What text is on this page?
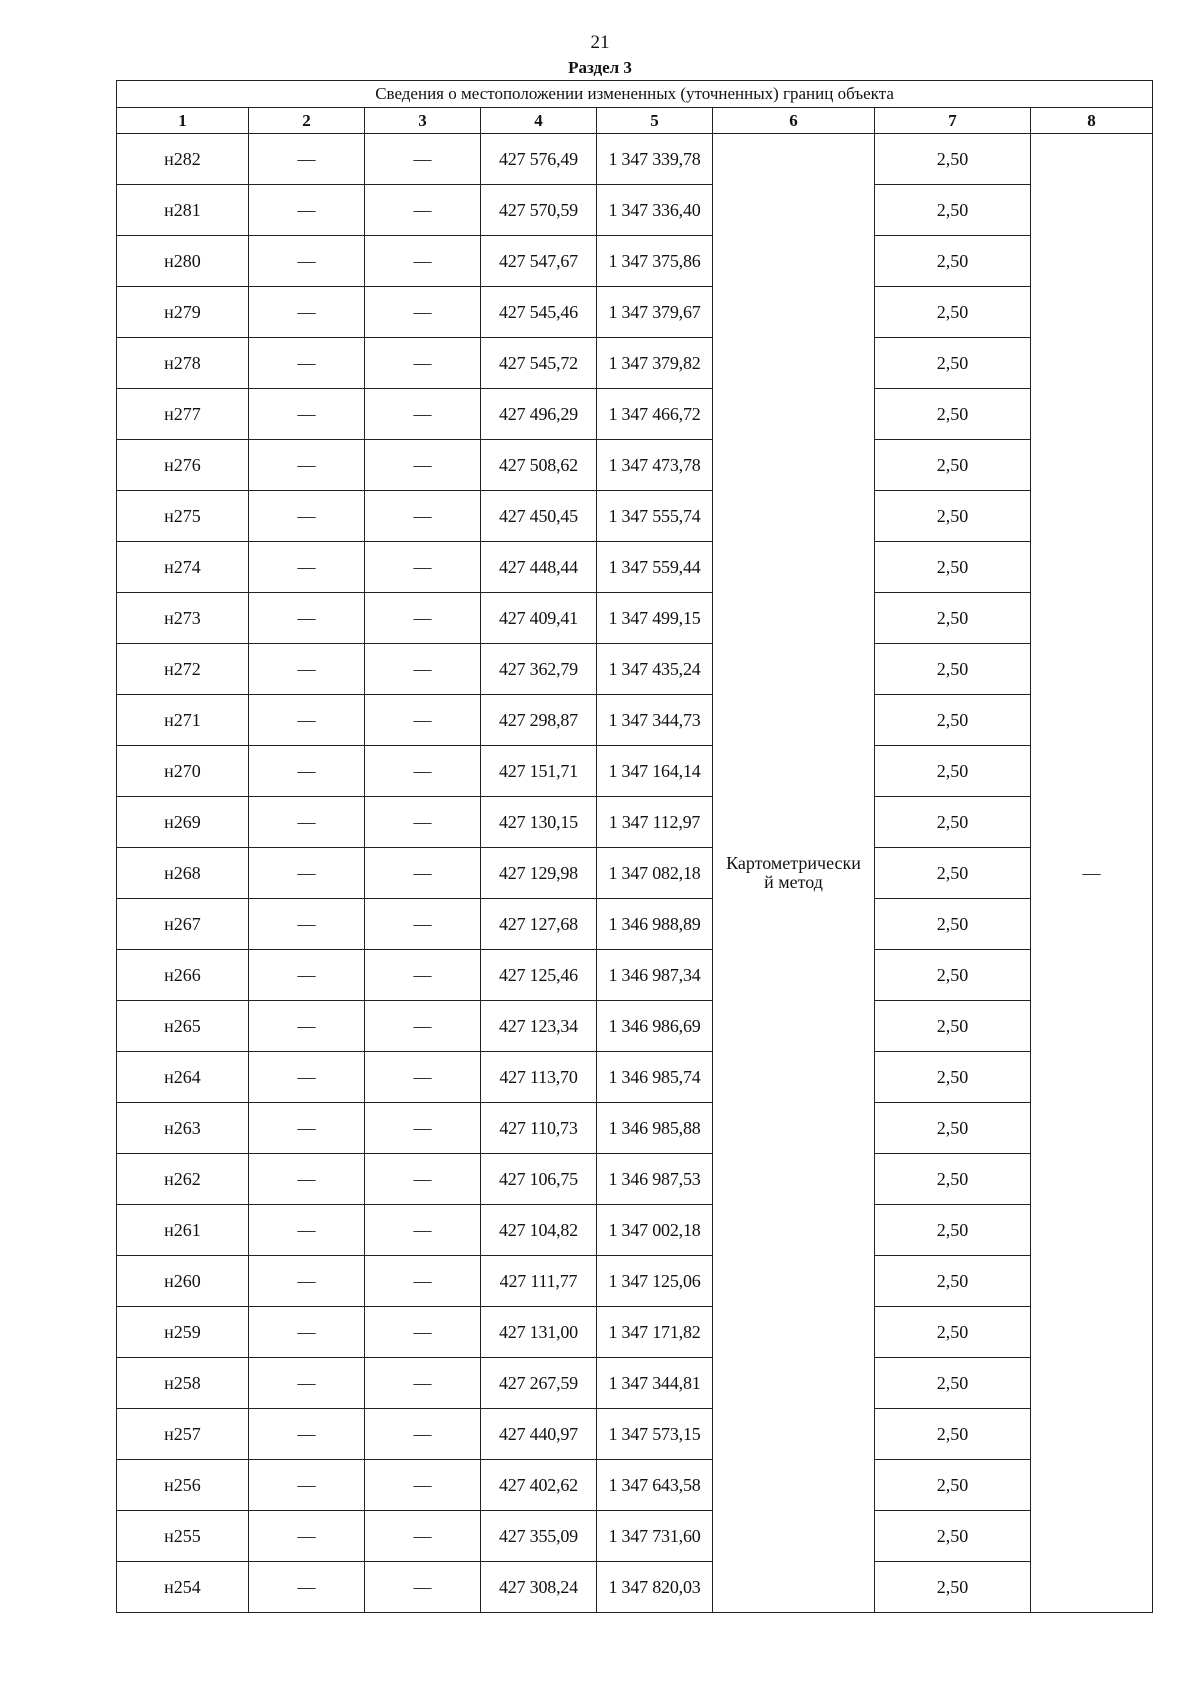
21
Раздел 3
Сведения о местоположении измененных (уточненных) границ объекта							
1	2	3	4	5	6	7	8
н282	—	—	427 576,49	1 347 339,78	Картометрически
й метод	2,50	—
н281	—	—	427 570,59	1 347 336,40		2,50	
н280	—	—	427 547,67	1 347 375,86		2,50	
н279	—	—	427 545,46	1 347 379,67		2,50	
н278	—	—	427 545,72	1 347 379,82		2,50	
н277	—	—	427 496,29	1 347 466,72		2,50	
н276	—	—	427 508,62	1 347 473,78		2,50	
н275	—	—	427 450,45	1 347 555,74		2,50	
н274	—	—	427 448,44	1 347 559,44		2,50	
н273	—	—	427 409,41	1 347 499,15		2,50	
н272	—	—	427 362,79	1 347 435,24		2,50	
н271	—	—	427 298,87	1 347 344,73		2,50	
н270	—	—	427 151,71	1 347 164,14		2,50	
н269	—	—	427 130,15	1 347 112,97		2,50	
н268	—	—	427 129,98	1 347 082,18		2,50	
н267	—	—	427 127,68	1 346 988,89		2,50	
н266	—	—	427 125,46	1 346 987,34		2,50	
н265	—	—	427 123,34	1 346 986,69		2,50	
н264	—	—	427 113,70	1 346 985,74		2,50	
н263	—	—	427 110,73	1 346 985,88		2,50	
н262	—	—	427 106,75	1 346 987,53		2,50	
н261	—	—	427 104,82	1 347 002,18		2,50	
н260	—	—	427 111,77	1 347 125,06		2,50	
н259	—	—	427 131,00	1 347 171,82		2,50	
н258	—	—	427 267,59	1 347 344,81		2,50	
н257	—	—	427 440,97	1 347 573,15		2,50	
н256	—	—	427 402,62	1 347 643,58		2,50	
н255	—	—	427 355,09	1 347 731,60		2,50	
н254	—	—	427 308,24	1 347 820,03		2,50	
